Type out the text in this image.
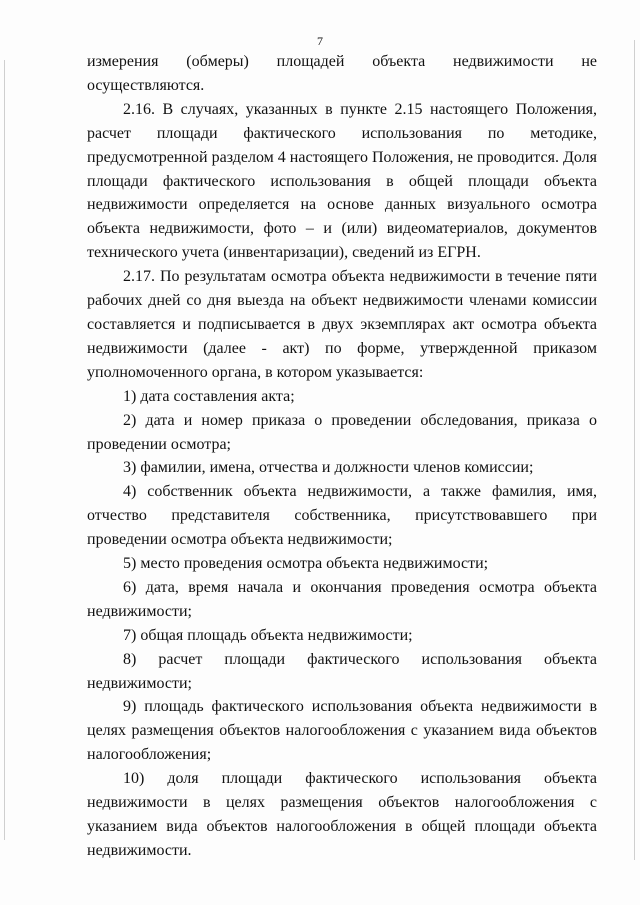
7

измерения (обмеры) площадей объекта недвижимости не осуществляются.

2.16. В случаях, указанных в пункте 2.15 настоящего Положения, расчет площади фактического использования по методике, предусмотренной разделом 4 настоящего Положения, не проводится. Доля площади фактического использования в общей площади объекта недвижимости определяется на основе данных визуального осмотра объекта недвижимости, фото – и (или) видеоматериалов, документов технического учета (инвентаризации), сведений из ЕГРН.

2.17. По результатам осмотра объекта недвижимости в течение пяти рабочих дней со дня выезда на объект недвижимости членами комиссии составляется и подписывается в двух экземплярах акт осмотра объекта недвижимости (далее - акт) по форме, утвержденной приказом уполномоченного органа, в котором указывается:

1) дата составления акта;

2) дата и номер приказа о проведении обследования, приказа о проведении осмотра;

3) фамилии, имена, отчества и должности членов комиссии;

4) собственник объекта недвижимости, а также фамилия, имя, отчество представителя собственника, присутствовавшего при проведении осмотра объекта недвижимости;

5) место проведения осмотра объекта недвижимости;

6) дата, время начала и окончания проведения осмотра объекта недвижимости;

7) общая площадь объекта недвижимости;

8) расчет площади фактического использования объекта недвижимости;

9) площадь фактического использования объекта недвижимости в целях размещения объектов налогообложения с указанием вида объектов налогообложения;

10) доля площади фактического использования объекта недвижимости в целях размещения объектов налогообложения с указанием вида объектов налогообложения в общей площади объекта недвижимости.
